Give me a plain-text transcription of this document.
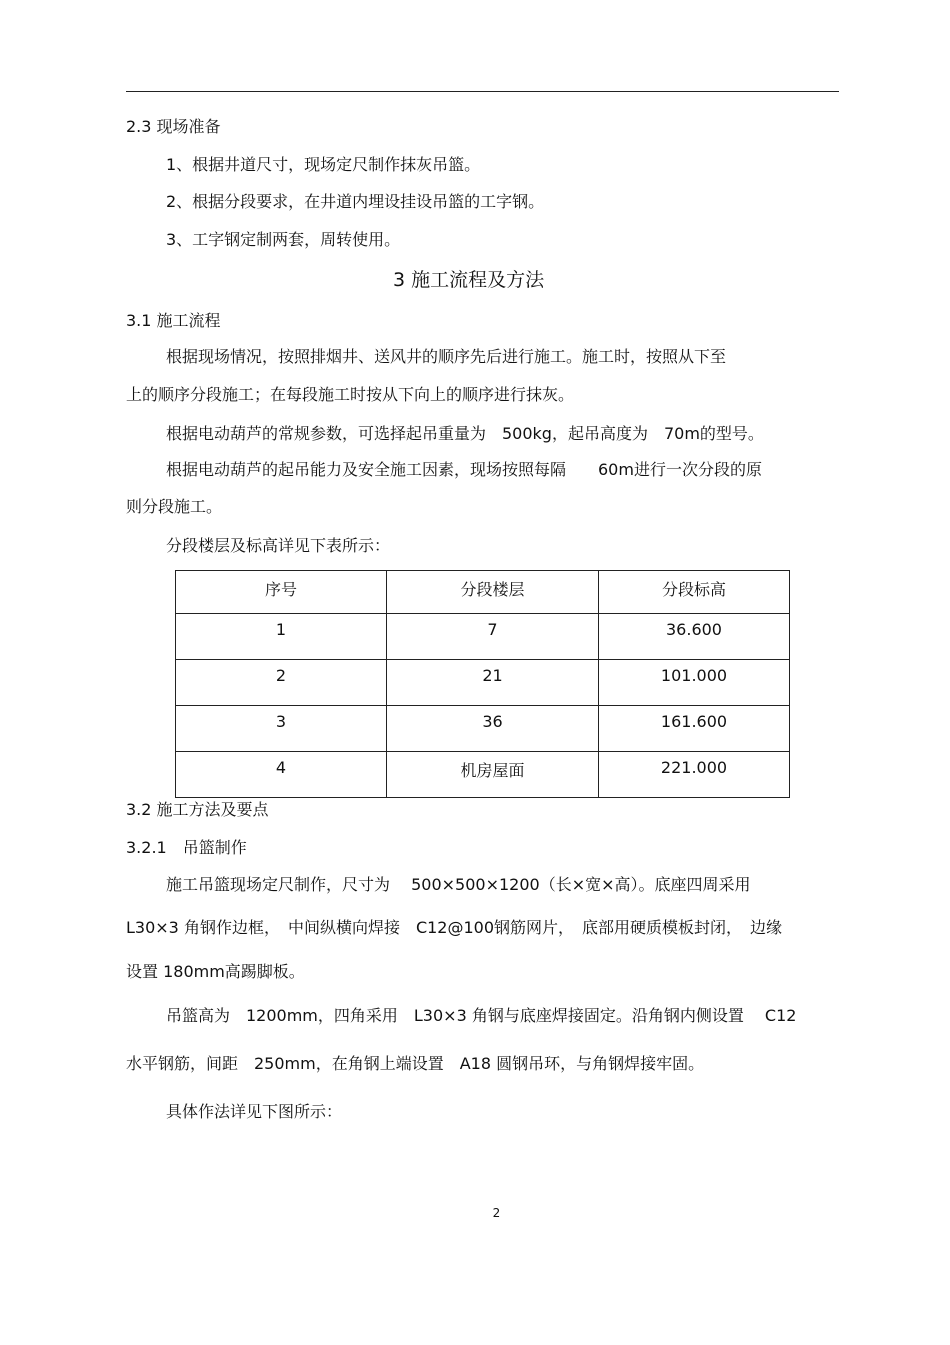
2.3 现场准备
1、根据井道尺寸，现场定尺制作抹灰吊篮。
2、根据分段要求，在井道内埋设挂设吊篮的工字钢。
3、工字钢定制两套，周转使用。
3 施工流程及方法
3.1 施工流程
根据现场情况，按照排烟井、送风井的顺序先后进行施工。施工时，按照从下至
上的顺序分段施工；在每段施工时按从下向上的顺序进行抹灰。
根据电动葫芦的常规参数，可选择起吊重量为　500kg，起吊高度为　70m的型号。
根据电动葫芦的起吊能力及安全施工因素，现场按照每隔　　60m进行一次分段的原
则分段施工。
分段楼层及标高详见下表所示：
序号	分段楼层	分段标高
1	7	36.600
2	21	101.000
3	36	161.600
4	机房屋面	221.000
3.2 施工方法及要点
3.2.1　吊篮制作
施工吊篮现场定尺制作，尺寸为　 500×500×1200（长×宽×高）。底座四周采用
L30×3 角钢作边框，　中间纵横向焊接　C12@100钢筋网片，　底部用硬质模板封闭，　边缘
设置 180mm高踢脚板。
吊篮高为　1200mm，四角采用　L30×3 角钢与底座焊接固定。沿角钢内侧设置　 C12
水平钢筋，间距　250mm，在角钢上端设置　A18 圆钢吊环，与角钢焊接牢固。
具体作法详见下图所示：
2
